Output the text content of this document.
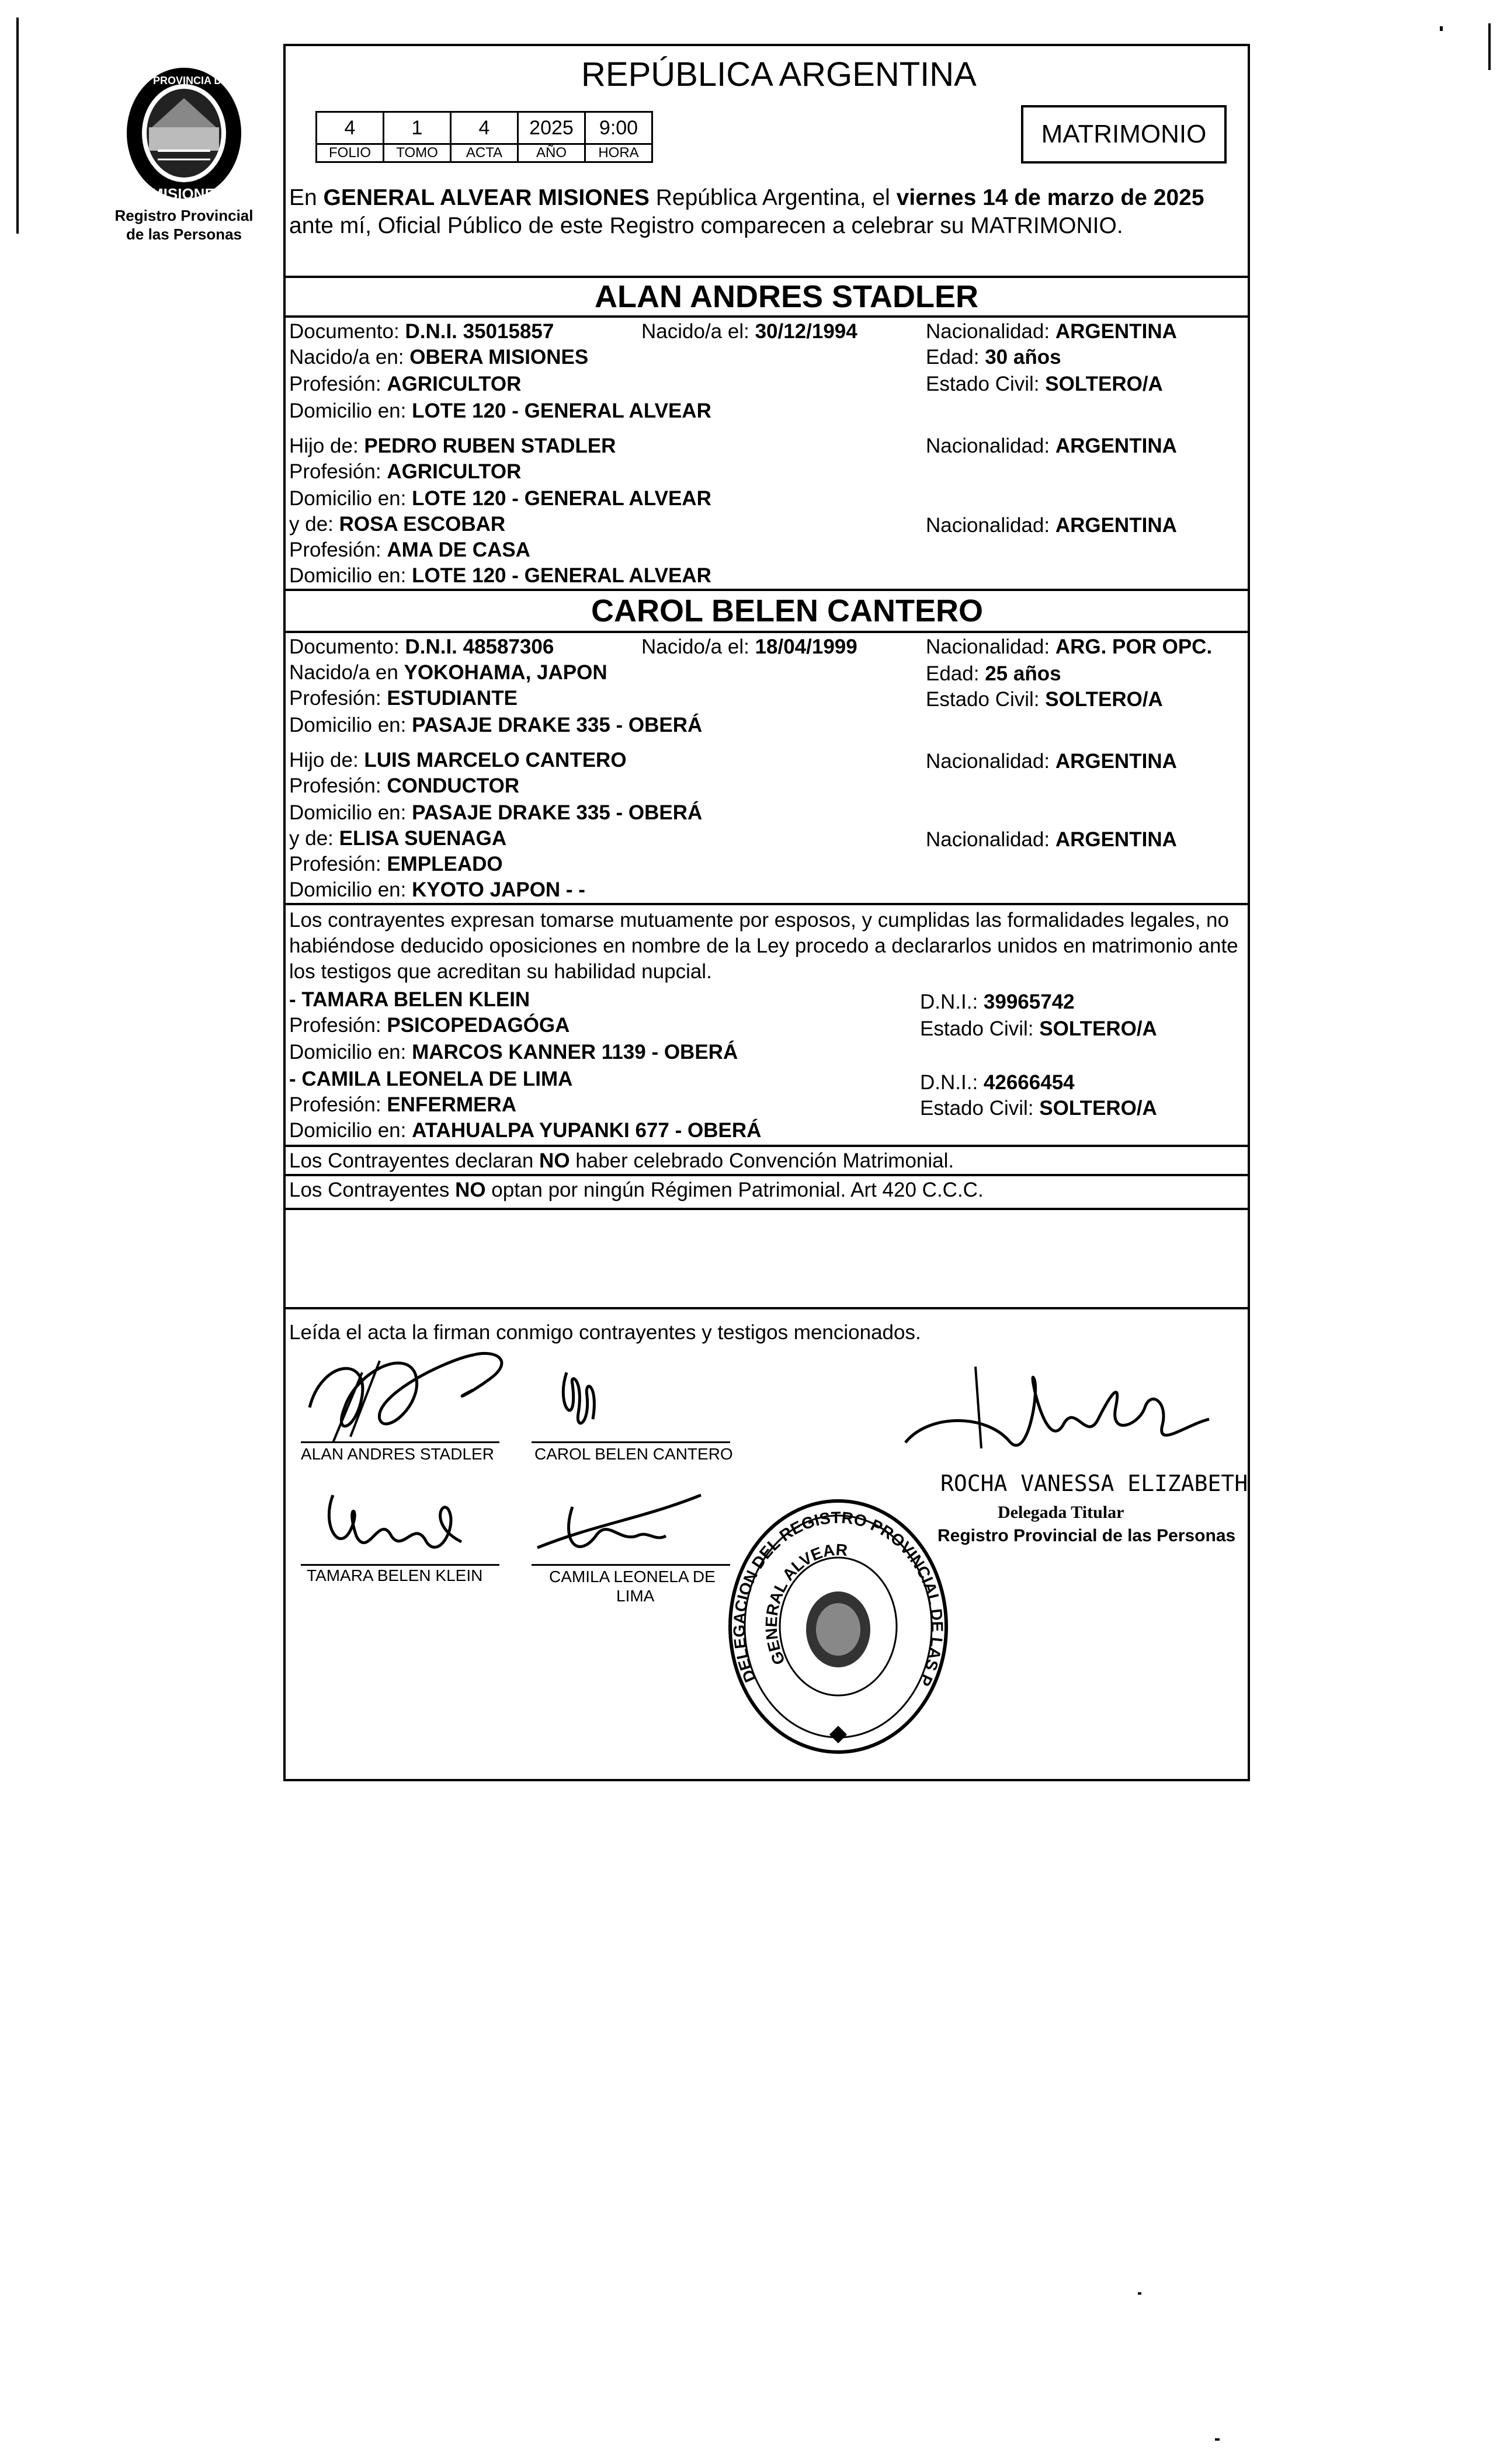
PROVINCIA DE
MISIONES
Registro Provincial
de las Personas
REPÚBLICA ARGENTINA
4	1	4	2025	9:00
FOLIO	TOMO	ACTA	AÑO	HORA
MATRIMONIO
En GENERAL ALVEAR MISIONES República Argentina, el viernes 14 de marzo de 2025
ante mí, Oficial Público de este Registro comparecen a celebrar su MATRIMONIO.
ALAN ANDRES STADLER
Documento: D.N.I. 35015857	Nacido/a el: 30/12/1994	Nacionalidad: ARGENTINA
Nacido/a en: OBERA MISIONES	Edad: 30 años
Profesión: AGRICULTOR	Estado Civil: SOLTERO/A
Domicilio en: LOTE 120 - GENERAL ALVEAR
Hijo de: PEDRO RUBEN STADLER	Nacionalidad: ARGENTINA
Profesión: AGRICULTOR
Domicilio en: LOTE 120 - GENERAL ALVEAR
y de: ROSA ESCOBAR	Nacionalidad: ARGENTINA
Profesión: AMA DE CASA
Domicilio en: LOTE 120 - GENERAL ALVEAR
CAROL BELEN CANTERO
Documento: D.N.I. 48587306	Nacido/a el: 18/04/1999	Nacionalidad: ARG. POR OPC.
Nacido/a en YOKOHAMA, JAPON	Edad: 25 años
Profesión: ESTUDIANTE	Estado Civil: SOLTERO/A
Domicilio en: PASAJE DRAKE 335 - OBERÁ
Hijo de: LUIS MARCELO CANTERO	Nacionalidad: ARGENTINA
Profesión: CONDUCTOR
Domicilio en: PASAJE DRAKE 335 - OBERÁ
y de: ELISA SUENAGA	Nacionalidad: ARGENTINA
Profesión: EMPLEADO
Domicilio en: KYOTO JAPON - -
Los contrayentes expresan tomarse mutuamente por esposos, y cumplidas las formalidades legales, no
habiéndose deducido oposiciones en nombre de la Ley procedo a declararlos unidos en matrimonio ante
los testigos que acreditan su habilidad nupcial.
- TAMARA BELEN KLEIN	D.N.I.: 39965742
Profesión: PSICOPEDAGÓGA	Estado Civil: SOLTERO/A
Domicilio en: MARCOS KANNER 1139 - OBERÁ
- CAMILA LEONELA DE LIMA	D.N.I.: 42666454
Profesión: ENFERMERA	Estado Civil: SOLTERO/A
Domicilio en: ATAHUALPA YUPANKI 677 - OBERÁ
Los Contrayentes declaran NO haber celebrado Convención Matrimonial.
Los Contrayentes NO optan por ningún Régimen Patrimonial. Art 420 C.C.C.
Leída el acta la firman conmigo contrayentes y testigos mencionados.
ALAN ANDRES STADLER CAROL BELEN CANTERO
TAMARA BELEN KLEIN	CAMILA LEONELA DE
LIMA
ROCHA VANESSA ELIZABETH
Delegada Titular
Registro Provincial de las Personas
DELEGACION DEL REGISTRO PROVINCIAL DE LAS PERSONAS
GENERAL ALVEAR
